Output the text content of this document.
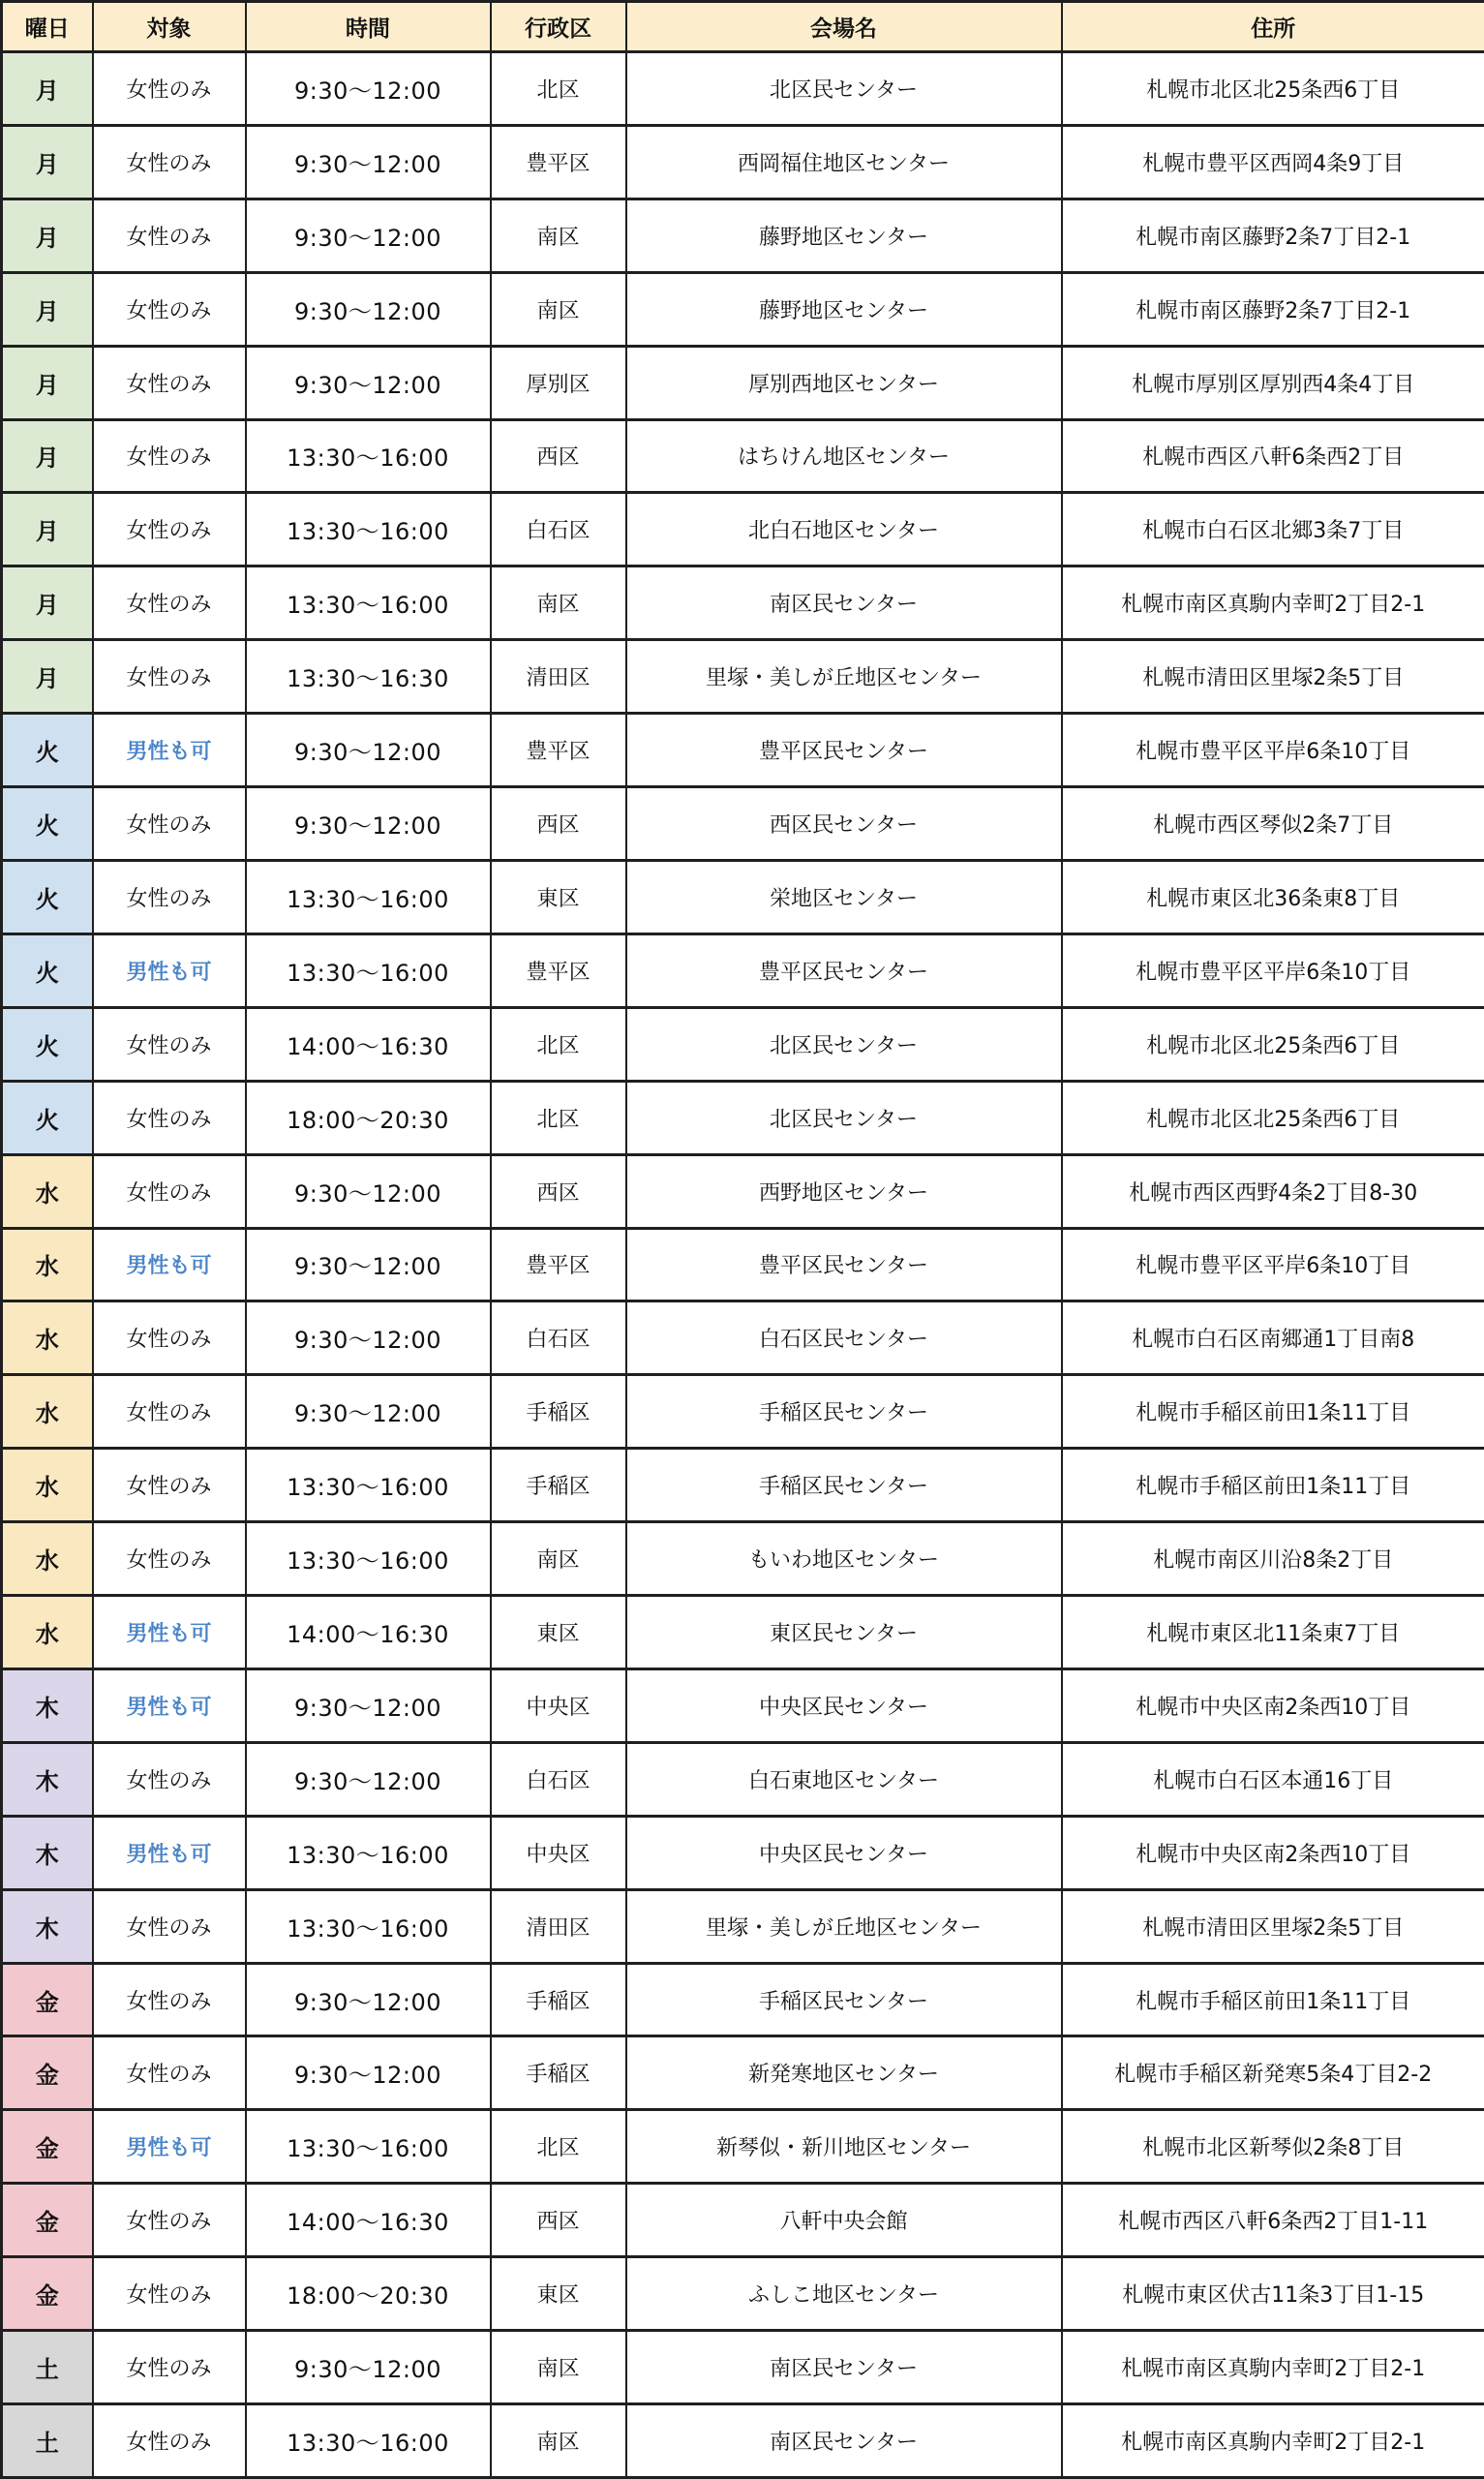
曜日	対象	時間	行政区	会場名	住所
月	女性のみ	9:30〜12:00	北区	北区民センター	札幌市北区北25条西6丁目
月	女性のみ	9:30〜12:00	豊平区	西岡福住地区センター	札幌市豊平区西岡4条9丁目
月	女性のみ	9:30〜12:00	南区	藤野地区センター	札幌市南区藤野2条7丁目2-1
月	女性のみ	9:30〜12:00	南区	藤野地区センター	札幌市南区藤野2条7丁目2-1
月	女性のみ	9:30〜12:00	厚別区	厚別西地区センター	札幌市厚別区厚別西4条4丁目
月	女性のみ	13:30〜16:00	西区	はちけん地区センター	札幌市西区八軒6条西2丁目
月	女性のみ	13:30〜16:00	白石区	北白石地区センター	札幌市白石区北郷3条7丁目
月	女性のみ	13:30〜16:00	南区	南区民センター	札幌市南区真駒内幸町2丁目2-1
月	女性のみ	13:30〜16:30	清田区	里塚・美しが丘地区センター	札幌市清田区里塚2条5丁目
火	男性も可	9:30〜12:00	豊平区	豊平区民センター	札幌市豊平区平岸6条10丁目
火	女性のみ	9:30〜12:00	西区	西区民センター	札幌市西区琴似2条7丁目
火	女性のみ	13:30〜16:00	東区	栄地区センター	札幌市東区北36条東8丁目
火	男性も可	13:30〜16:00	豊平区	豊平区民センター	札幌市豊平区平岸6条10丁目
火	女性のみ	14:00〜16:30	北区	北区民センター	札幌市北区北25条西6丁目
火	女性のみ	18:00〜20:30	北区	北区民センター	札幌市北区北25条西6丁目
水	女性のみ	9:30〜12:00	西区	西野地区センター	札幌市西区西野4条2丁目8-30
水	男性も可	9:30〜12:00	豊平区	豊平区民センター	札幌市豊平区平岸6条10丁目
水	女性のみ	9:30〜12:00	白石区	白石区民センター	札幌市白石区南郷通1丁目南8
水	女性のみ	9:30〜12:00	手稲区	手稲区民センター	札幌市手稲区前田1条11丁目
水	女性のみ	13:30〜16:00	手稲区	手稲区民センター	札幌市手稲区前田1条11丁目
水	女性のみ	13:30〜16:00	南区	もいわ地区センター	札幌市南区川沿8条2丁目
水	男性も可	14:00〜16:30	東区	東区民センター	札幌市東区北11条東7丁目
木	男性も可	9:30〜12:00	中央区	中央区民センター	札幌市中央区南2条西10丁目
木	女性のみ	9:30〜12:00	白石区	白石東地区センター	札幌市白石区本通16丁目
木	男性も可	13:30〜16:00	中央区	中央区民センター	札幌市中央区南2条西10丁目
木	女性のみ	13:30〜16:00	清田区	里塚・美しが丘地区センター	札幌市清田区里塚2条5丁目
金	女性のみ	9:30〜12:00	手稲区	手稲区民センター	札幌市手稲区前田1条11丁目
金	女性のみ	9:30〜12:00	手稲区	新発寒地区センター	札幌市手稲区新発寒5条4丁目2-2
金	男性も可	13:30〜16:00	北区	新琴似・新川地区センター	札幌市北区新琴似2条8丁目
金	女性のみ	14:00〜16:30	西区	八軒中央会館	札幌市西区八軒6条西2丁目1-11
金	女性のみ	18:00〜20:30	東区	ふしこ地区センター	札幌市東区伏古11条3丁目1-15
土	女性のみ	9:30〜12:00	南区	南区民センター	札幌市南区真駒内幸町2丁目2-1
土	女性のみ	13:30〜16:00	南区	南区民センター	札幌市南区真駒内幸町2丁目2-1
